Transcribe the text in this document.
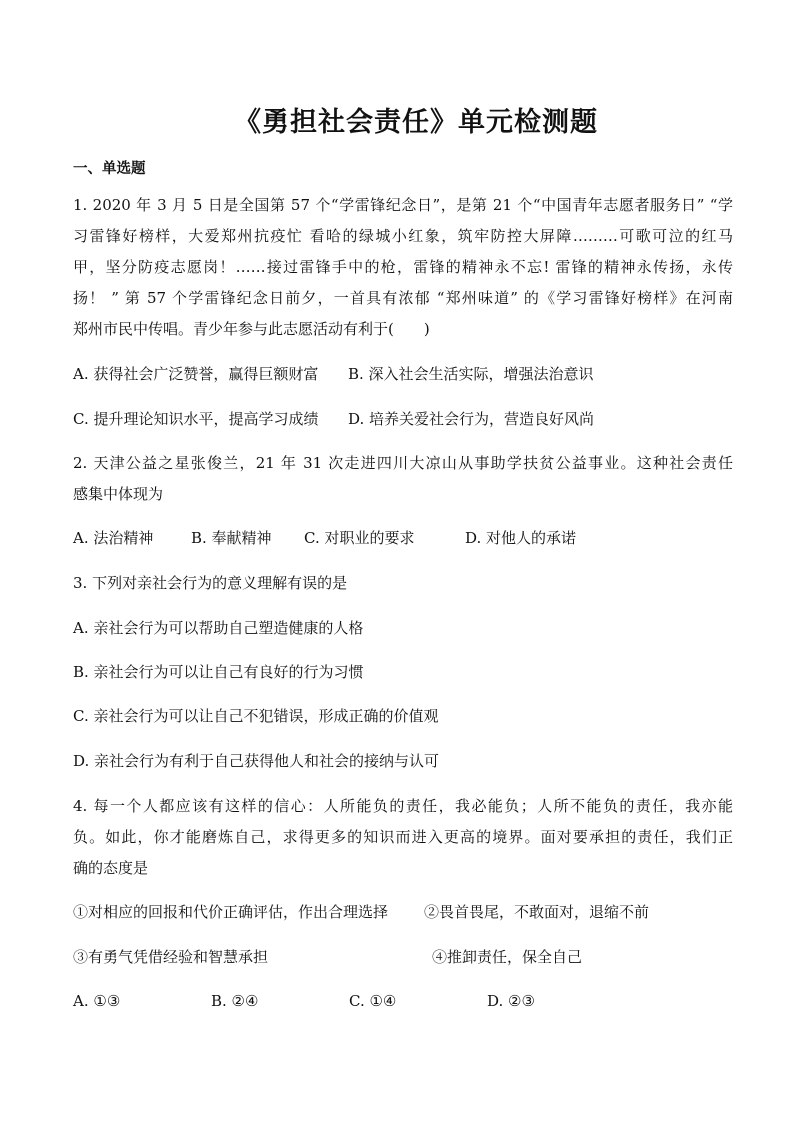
《勇担社会责任》单元检测题
一、单选题
1. 2020 年 3 月 5 日是全国第 57 个“学雷锋纪念日”，是第 21 个“中国青年志愿者服务日” “学
习雷锋好榜样，大爱郑州抗疫忙 看哈的绿城小红象，筑牢防控大屏障………可歌可泣的红马
甲，坚分防疫志愿岗！……接过雷锋手中的枪，雷锋的精神永不忘! 雷锋的精神永传扬，永传
扬！ ” 第 57 个学雷锋纪念日前夕，一首具有浓郁 “郑州味道” 的《学习雷锋好榜样》在河南
郑州市民中传唱。青少年参与此志愿活动有利于(　　)
A. 获得社会广泛赞誉，赢得巨额财富 B. 深入社会生活实际，增强法治意识
C. 提升理论知识水平，提高学习成绩 D. 培养关爱社会行为，营造良好风尚
2. 天津公益之星张俊兰，21 年 31 次走进四川大凉山从事助学扶贫公益事业。这种社会责任
感集中体现为
A. 法治精神	B. 奉献精神 C. 对职业的要求	D. 对他人的承诺
3. 下列对亲社会行为的意义理解有误的是
A. 亲社会行为可以帮助自己塑造健康的人格
B. 亲社会行为可以让自己有良好的行为习惯
C. 亲社会行为可以让自己不犯错误，形成正确的价值观
D. 亲社会行为有利于自己获得他人和社会的接纳与认可
4. 每一个人都应该有这样的信心：人所能负的责任，我必能负；人所不能负的责任，我亦能
负。如此，你才能磨炼自己，求得更多的知识而进入更高的境界。面对要承担的责任，我们正
确的态度是
①对相应的回报和代价正确评估，作出合理选择 ②畏首畏尾，不敢面对，退缩不前
③有勇气凭借经验和智慧承担	④推卸责任，保全自己
A. ①③	B. ②④	C. ①④	D. ②③
